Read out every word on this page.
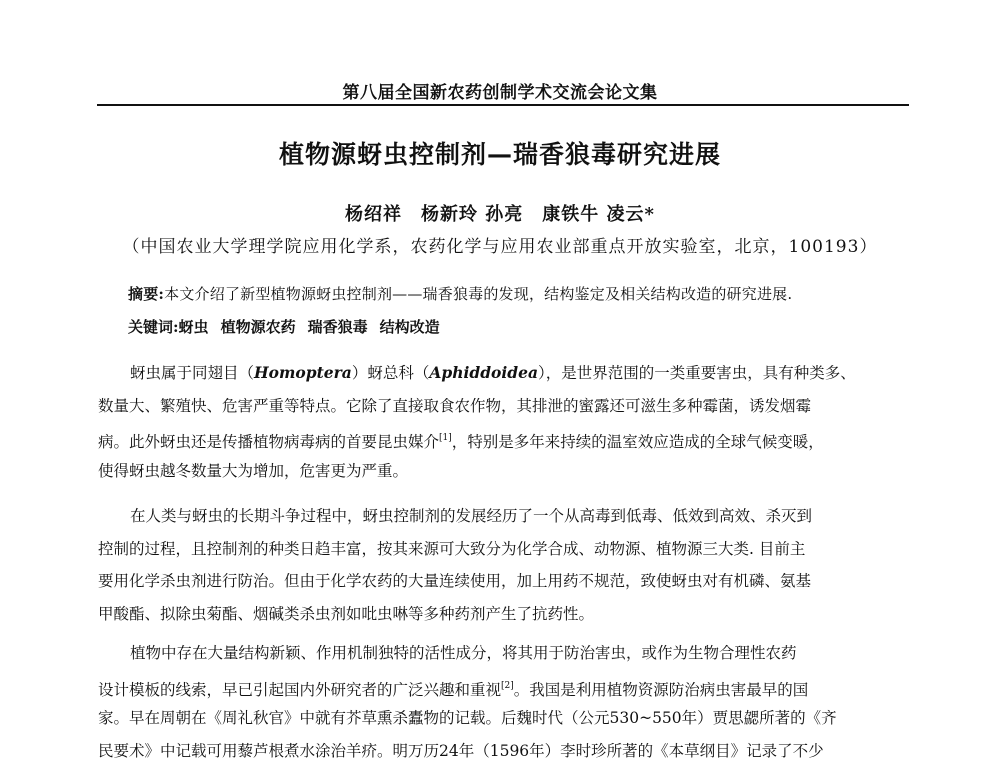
第八届全国新农药创制学术交流会论文集
植物源蚜虫控制剂—瑞香狼毒研究进展
杨绍祥　杨新玲 孙亮　康铁牛 凌云*
（中国农业大学理学院应用化学系，农药化学与应用农业部重点开放实验室，北京，100193）
摘要:本文介绍了新型植物源蚜虫控制剂——瑞香狼毒的发现，结构鉴定及相关结构改造的研究进展.
关键词:蚜虫 植物源农药 瑞香狼毒 结构改造
蚜虫属于同翅目（Homoptera）蚜总科（Aphiddoidea），是世界范围的一类重要害虫，具有种类多、
数量大、繁殖快、危害严重等特点。它除了直接取食农作物，其排泄的蜜露还可滋生多种霉菌，诱发烟霉
病。此外蚜虫还是传播植物病毒病的首要昆虫媒介[1]，特别是多年来持续的温室效应造成的全球气候变暖，
使得蚜虫越冬数量大为增加，危害更为严重。
在人类与蚜虫的长期斗争过程中，蚜虫控制剂的发展经历了一个从高毒到低毒、低效到高效、杀灭到
控制的过程，且控制剂的种类日趋丰富，按其来源可大致分为化学合成、动物源、植物源三大类. 目前主
要用化学杀虫剂进行防治。但由于化学农药的大量连续使用，加上用药不规范，致使蚜虫对有机磷、氨基
甲酸酯、拟除虫菊酯、烟碱类杀虫剂如吡虫啉等多种药剂产生了抗药性。
植物中存在大量结构新颖、作用机制独特的活性成分，将其用于防治害虫，或作为生物合理性农药
设计模板的线索，早已引起国内外研究者的广泛兴趣和重视[2]。我国是利用植物资源防治病虫害最早的国
家。早在周朝在《周礼秋官》中就有芥草熏杀蠹物的记载。后魏时代（公元530~550年）贾思勰所著的《齐
民要术》中记载可用藜芦根煮水涂治羊疥。明万历24年（1596年）李时珍所著的《本草纲目》记录了不少
